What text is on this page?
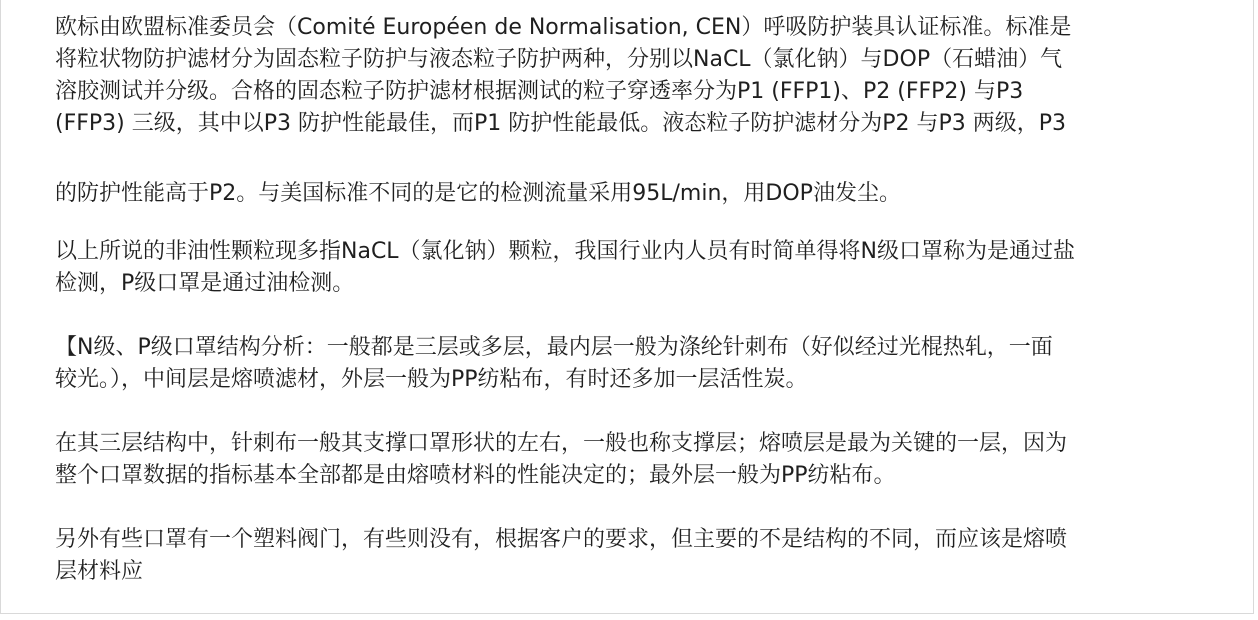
欧标由欧盟标准委员会（Comité Européen de Normalisation, CEN）呼吸防护装具认证标准。标准是
将粒状物防护滤材分为固态粒子防护与液态粒子防护两种，分别以NaCL（氯化钠）与DOP（石蜡油）气
溶胶测试并分级。合格的固态粒子防护滤材根据测试的粒子穿透率分为P1 (FFP1)、P2 (FFP2) 与P3
(FFP3) 三级，其中以P3 防护性能最佳，而P1 防护性能最低。液态粒子防护滤材分为P2 与P3 两级，P3

的防护性能高于P2。与美国标准不同的是它的检测流量采用95L/min，用DOP油发尘。

以上所说的非油性颗粒现多指NaCL（氯化钠）颗粒，我国行业内人员有时简单得将N级口罩称为是通过盐
检测，P级口罩是通过油检测。

【N级、P级口罩结构分析：一般都是三层或多层，最内层一般为涤纶针刺布（好似经过光棍热轧，一面
较光。），中间层是熔喷滤材，外层一般为PP纺粘布，有时还多加一层活性炭。

在其三层结构中，针刺布一般其支撑口罩形状的左右，一般也称支撑层；熔喷层是最为关键的一层，因为
整个口罩数据的指标基本全部都是由熔喷材料的性能决定的；最外层一般为PP纺粘布。

另外有些口罩有一个塑料阀门，有些则没有，根据客户的要求，但主要的不是结构的不同，而应该是熔喷
层材料应
